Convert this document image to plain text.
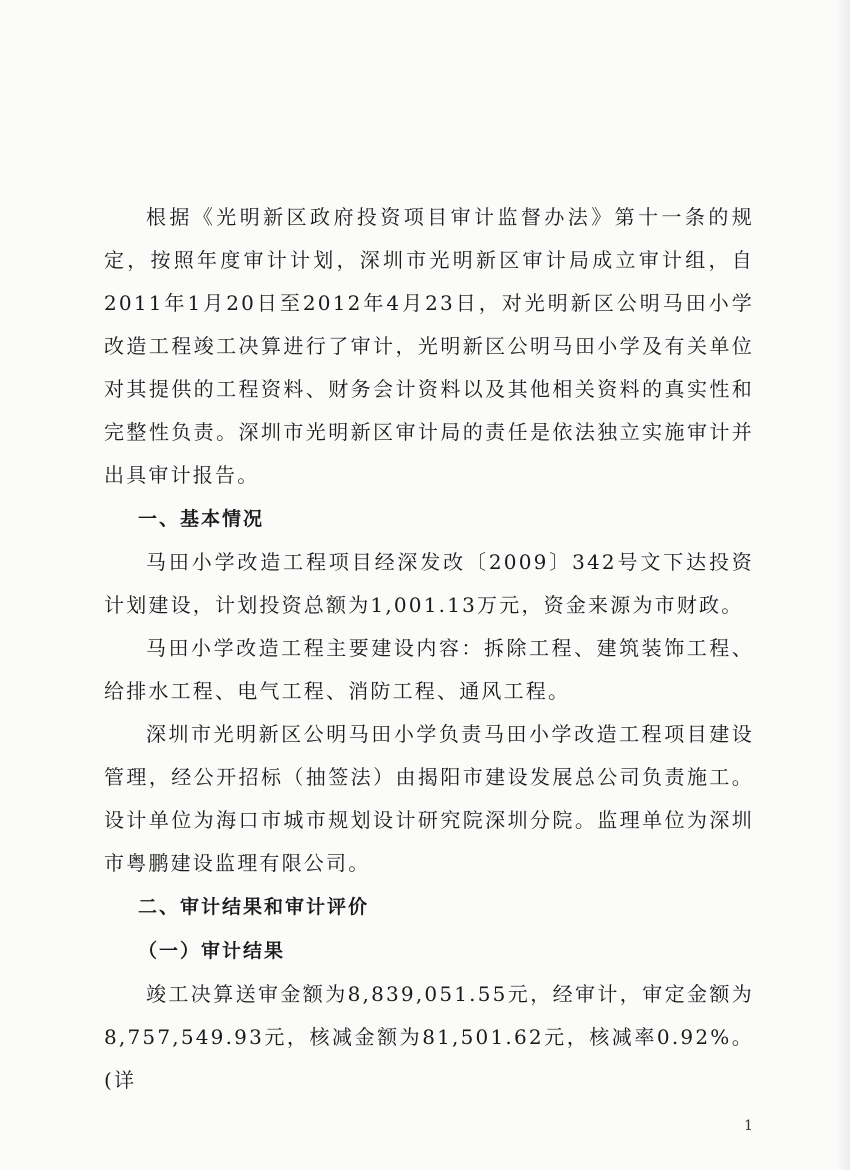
根据《光明新区政府投资项目审计监督办法》第十一条的规定，按照年度审计计划，深圳市光明新区审计局成立审计组，自2011年1月20日至2012年4月23日，对光明新区公明马田小学改造工程竣工决算进行了审计，光明新区公明马田小学及有关单位对其提供的工程资料、财务会计资料以及其他相关资料的真实性和完整性负责。深圳市光明新区审计局的责任是依法独立实施审计并出具审计报告。

一、基本情况

马田小学改造工程项目经深发改〔2009〕342号文下达投资计划建设，计划投资总额为1,001.13万元，资金来源为市财政。

马田小学改造工程主要建设内容：拆除工程、建筑装饰工程、给排水工程、电气工程、消防工程、通风工程。

深圳市光明新区公明马田小学负责马田小学改造工程项目建设管理，经公开招标（抽签法）由揭阳市建设发展总公司负责施工。设计单位为海口市城市规划设计研究院深圳分院。监理单位为深圳市粤鹏建设监理有限公司。

二、审计结果和审计评价
（一）审计结果

竣工决算送审金额为8,839,051.55元，经审计，审定金额为8,757,549.93元，核减金额为81,501.62元，核减率0.92%。(详

1
